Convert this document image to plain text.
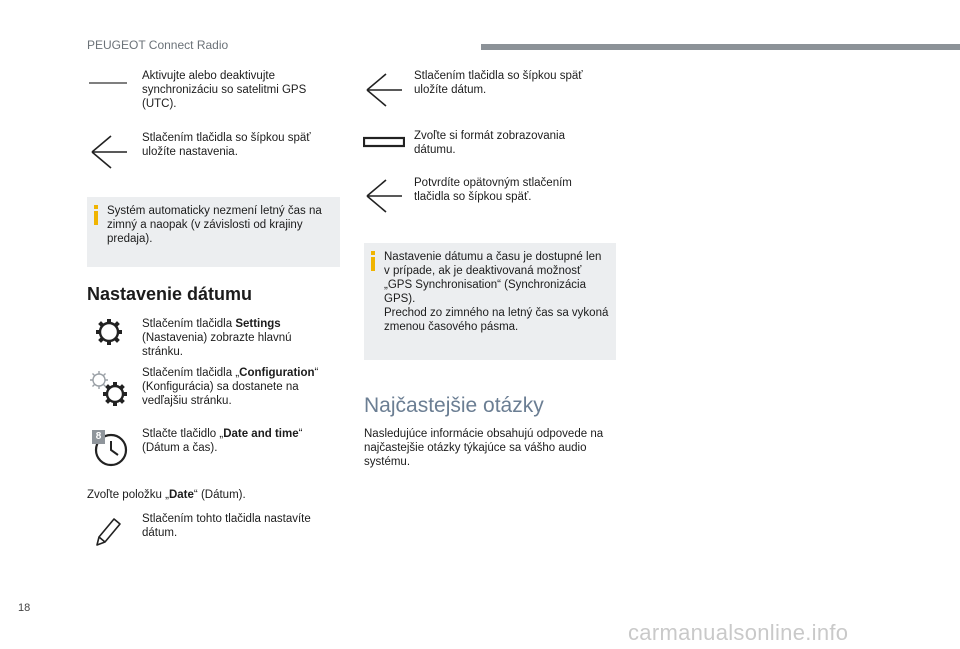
PEUGEOT Connect Radio
Aktivujte alebo deaktivujte synchronizáciu so satelitmi GPS (UTC).
Stlačením tlačidla so šípkou späť uložíte nastavenia.
Systém automaticky nezmení letný čas na zimný a naopak (v závislosti od krajiny predaja).
Nastavenie dátumu
Stlačením tlačidla Settings (Nastavenia) zobrazte hlavnú stránku.
Stlačením tlačidla „Configuration“ (Konfigurácia) sa dostanete na vedľajšiu stránku.
8	Stlačte tlačidlo „Date and time“ (Dátum a čas).
Zvoľte položku „Date“ (Dátum).
Stlačením tohto tlačidla nastavíte dátum.
Stlačením tlačidla so šípkou späť uložíte dátum.
Zvoľte si formát zobrazovania dátumu.
Potvrdíte opätovným stlačením tlačidla so šípkou späť.
Nastavenie dátumu a času je dostupné len v prípade, ak je deaktivovaná možnosť „GPS Synchronisation“ (Synchronizácia GPS).
Prechod zo zimného na letný čas sa vykoná zmenou časového pásma.
Najčastejšie otázky
Nasledujúce informácie obsahujú odpovede na najčastejšie otázky týkajúce sa vášho audio systému.
18
carmanualsonline.info
